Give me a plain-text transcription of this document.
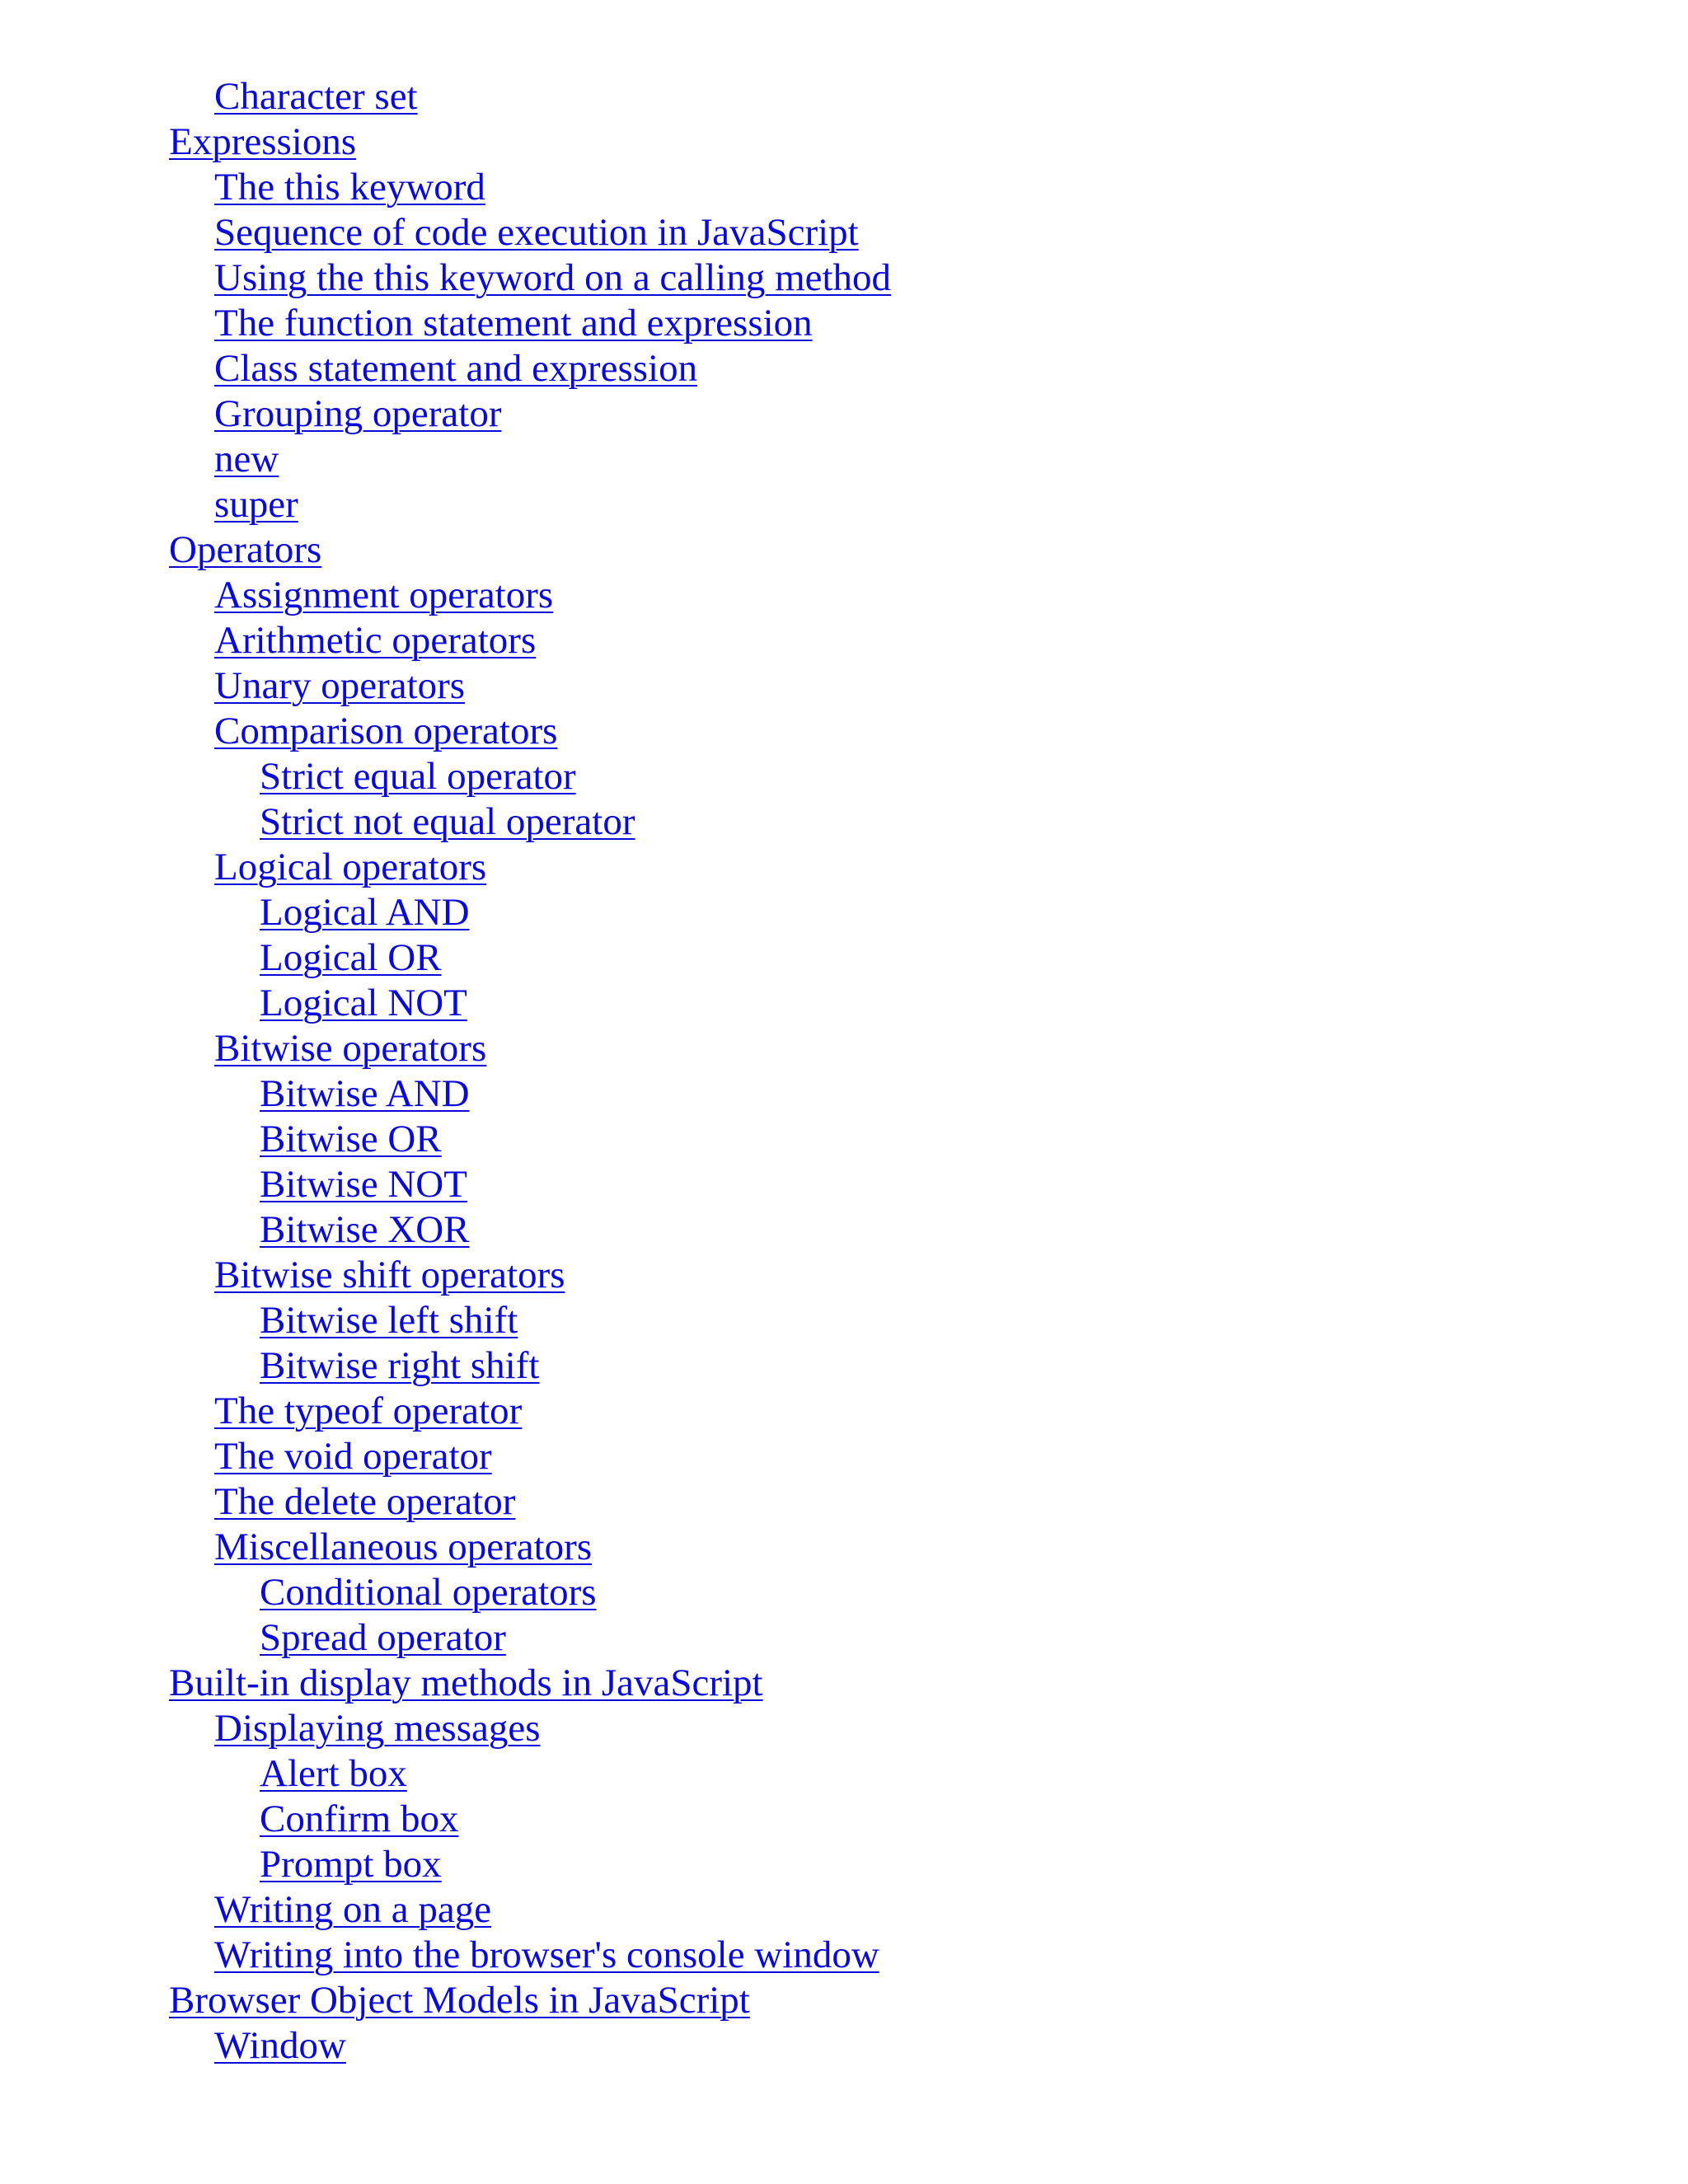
Character set
Expressions
The this keyword
Sequence of code execution in JavaScript
Using the this keyword on a calling method
The function statement and expression
Class statement and expression
Grouping operator
new
super
Operators
Assignment operators
Arithmetic operators
Unary operators
Comparison operators
Strict equal operator
Strict not equal operator
Logical operators
Logical AND
Logical OR
Logical NOT
Bitwise operators
Bitwise AND
Bitwise OR
Bitwise NOT
Bitwise XOR
Bitwise shift operators
Bitwise left shift
Bitwise right shift
The typeof operator
The void operator
The delete operator
Miscellaneous operators
Conditional operators
Spread operator
Built-in display methods in JavaScript
Displaying messages
Alert box
Confirm box
Prompt box
Writing on a page
Writing into the browser's console window
Browser Object Models in JavaScript
Window
